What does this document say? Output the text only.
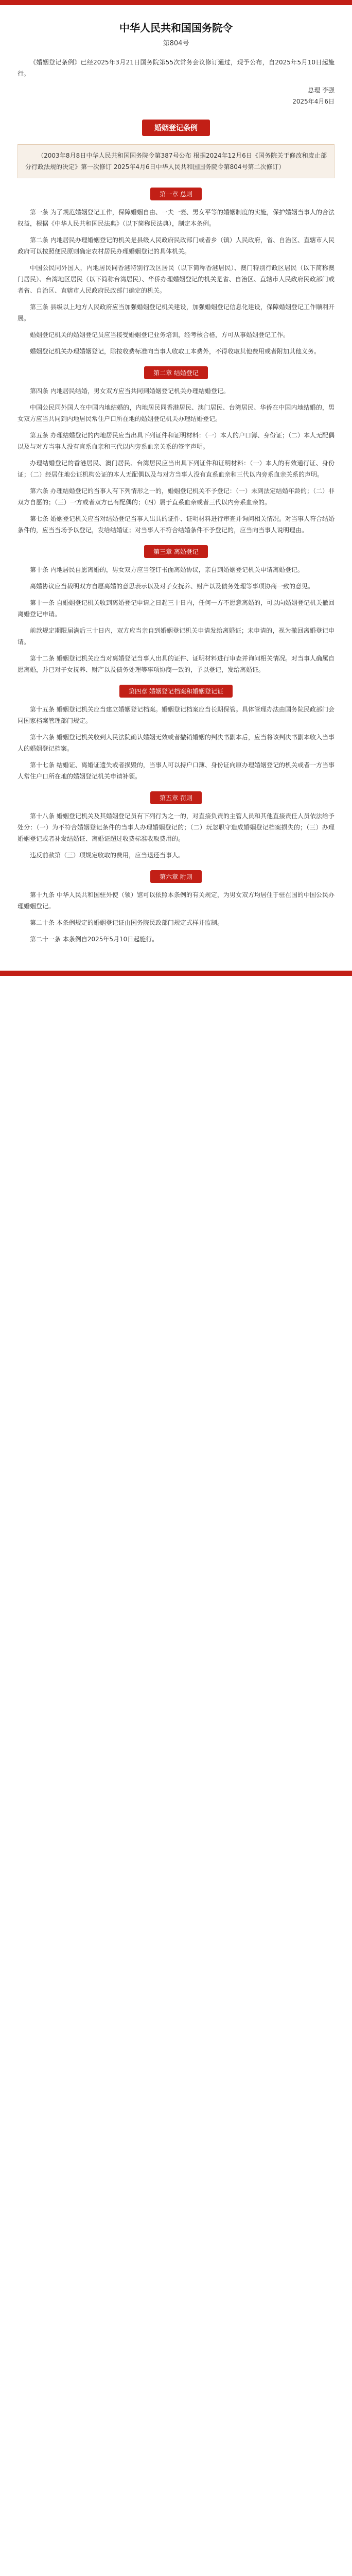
中华人民共和国国务院令
第804号

《婚姻登记条例》已经2025年3月21日国务院第55次常务会议修订通过，现予公布，自2025年5月10日起施行。

总理 李强
2025年4月6日
婚姻登记条例

（2003年8月8日中华人民共和国国务院令第387号公布 根据2024年12月6日《国务院关于修改和废止部分行政法规的决定》第一次修订 2025年4月6日中华人民共和国国务院令第804号第二次修订）

第一章 总则

第一条 为了规范婚姻登记工作，保障婚姻自由、一夫一妻、男女平等的婚姻制度的实施，保护婚姻当事人的合法权益，根据《中华人民共和国民法典》（以下简称民法典），制定本条例。

第二条 内地居民办理婚姻登记的机关是县级人民政府民政部门或者乡（镇）人民政府，省、自治区、直辖市人民政府可以按照便民原则确定农村居民办理婚姻登记的具体机关。

中国公民同外国人，内地居民同香港特别行政区居民（以下简称香港居民）、澳门特别行政区居民（以下简称澳门居民）、台湾地区居民（以下简称台湾居民）、华侨办理婚姻登记的机关是省、自治区、直辖市人民政府民政部门或者省、自治区、直辖市人民政府民政部门确定的机关。

第三条 县级以上地方人民政府应当加强婚姻登记机关建设，加强婚姻登记信息化建设，保障婚姻登记工作顺利开展。

婚姻登记机关的婚姻登记员应当接受婚姻登记业务培训，经考核合格，方可从事婚姻登记工作。

婚姻登记机关办理婚姻登记，除按收费标准向当事人收取工本费外，不得收取其他费用或者附加其他义务。

第二章 结婚登记

第四条 内地居民结婚，男女双方应当共同到婚姻登记机关办理结婚登记。

中国公民同外国人在中国内地结婚的，内地居民同香港居民、澳门居民、台湾居民、华侨在中国内地结婚的，男女双方应当共同到内地居民常住户口所在地的婚姻登记机关办理结婚登记。

第五条 办理结婚登记的内地居民应当出具下列证件和证明材料：（一）本人的户口簿、身份证；（二）本人无配偶以及与对方当事人没有直系血亲和三代以内旁系血亲关系的签字声明。

办理结婚登记的香港居民、澳门居民、台湾居民应当出具下列证件和证明材料：（一）本人的有效通行证、身份证；（二）经居住地公证机构公证的本人无配偶以及与对方当事人没有直系血亲和三代以内旁系血亲关系的声明。

第六条 办理结婚登记的当事人有下列情形之一的，婚姻登记机关不予登记：（一）未到法定结婚年龄的；（二）非双方自愿的；（三）一方或者双方已有配偶的；（四）属于直系血亲或者三代以内旁系血亲的。

第七条 婚姻登记机关应当对结婚登记当事人出具的证件、证明材料进行审查并询问相关情况。对当事人符合结婚条件的，应当当场予以登记，发给结婚证；对当事人不符合结婚条件不予登记的，应当向当事人说明理由。

第三章 离婚登记

第十条 内地居民自愿离婚的，男女双方应当签订书面离婚协议，亲自到婚姻登记机关申请离婚登记。

离婚协议应当载明双方自愿离婚的意思表示以及对子女抚养、财产以及债务处理等事项协商一致的意见。

第十一条 自婚姻登记机关收到离婚登记申请之日起三十日内，任何一方不愿意离婚的，可以向婚姻登记机关撤回离婚登记申请。

前款规定期限届满后三十日内，双方应当亲自到婚姻登记机关申请发给离婚证；未申请的，视为撤回离婚登记申请。

第十二条 婚姻登记机关应当对离婚登记当事人出具的证件、证明材料进行审查并询问相关情况。对当事人确属自愿离婚，并已对子女抚养、财产以及债务处理等事项协商一致的，予以登记，发给离婚证。

第四章 婚姻登记档案和婚姻登记证

第十五条 婚姻登记机关应当建立婚姻登记档案。婚姻登记档案应当长期保管。具体管理办法由国务院民政部门会同国家档案管理部门规定。

第十六条 婚姻登记机关收到人民法院确认婚姻无效或者撤销婚姻的判决书副本后，应当将该判决书副本收入当事人的婚姻登记档案。

第十七条 结婚证、离婚证遗失或者损毁的，当事人可以持户口簿、身份证向原办理婚姻登记的机关或者一方当事人常住户口所在地的婚姻登记机关申请补领。

第五章 罚则

第十八条 婚姻登记机关及其婚姻登记员有下列行为之一的，对直接负责的主管人员和其他直接责任人员依法给予处分：（一）为不符合婚姻登记条件的当事人办理婚姻登记的；（二）玩忽职守造成婚姻登记档案损失的；（三）办理婚姻登记或者补发结婚证、离婚证超过收费标准收取费用的。

违反前款第（三）项规定收取的费用，应当退还当事人。

第六章 附则

第十九条 中华人民共和国驻外使（领）馆可以依照本条例的有关规定，为男女双方均居住于驻在国的中国公民办理婚姻登记。

第二十条 本条例规定的婚姻登记证由国务院民政部门规定式样并监制。

第二十一条 本条例自2025年5月10日起施行。
